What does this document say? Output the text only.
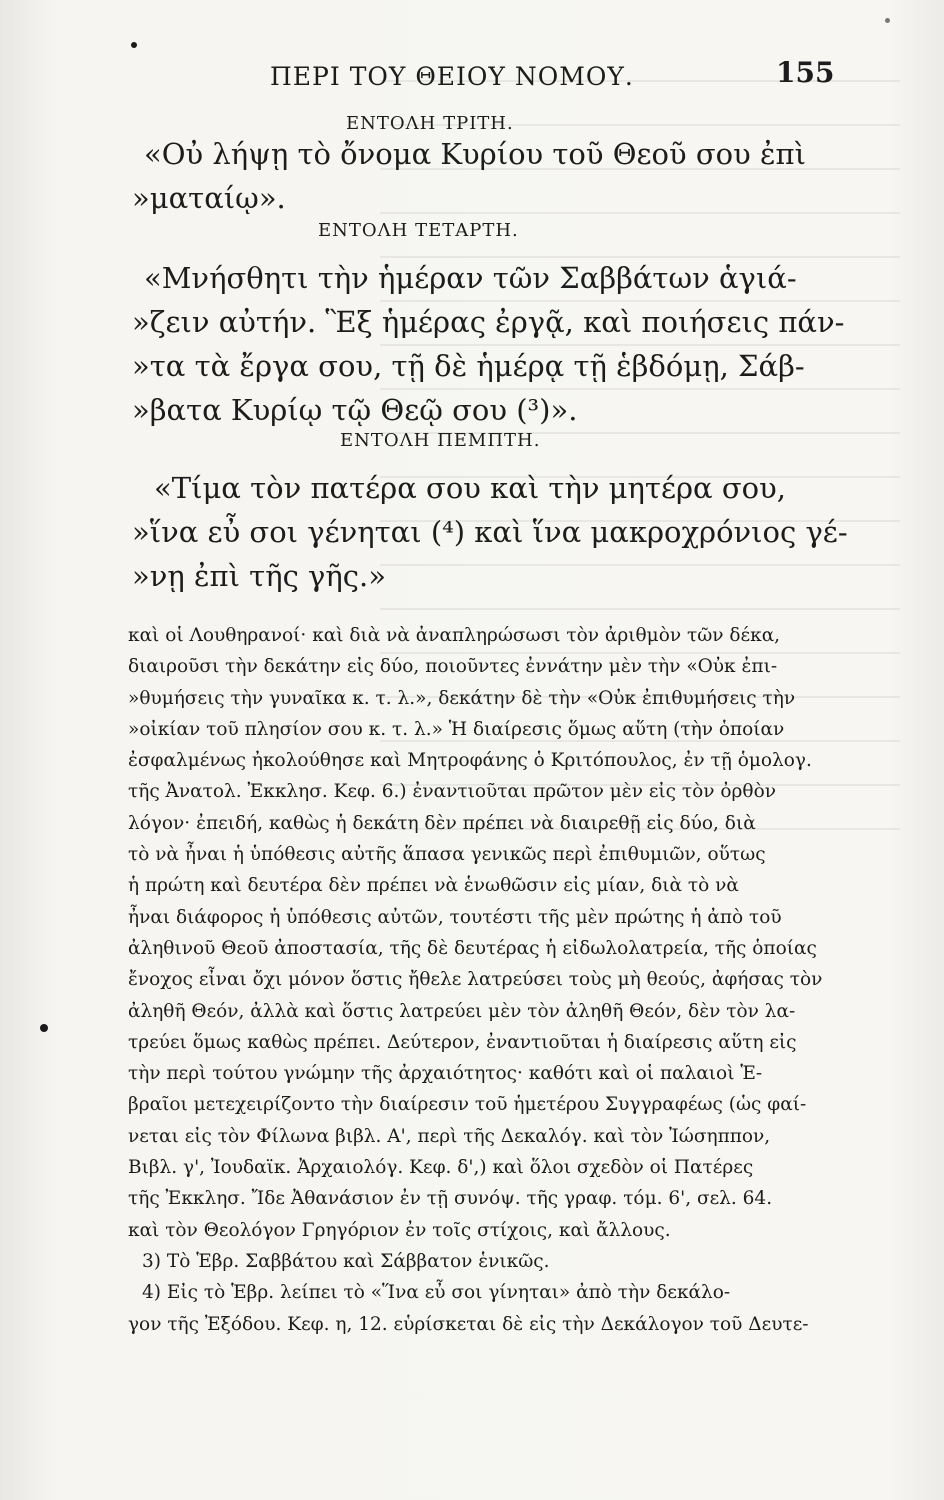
ΠΕΡΙ ΤΟΥ ΘΕΙΟΥ ΝΟΜΟΥ.	155
ΕΝΤΟΛΗ ΤΡΙΤΗ.
«Οὐ λήψῃ τὸ ὄνομα Κυρίου τοῦ Θεοῦ σου ἐπὶ
»ματαίῳ».
ΕΝΤΟΛΗ ΤΕΤΑΡΤΗ.
«Μνήσθητι τὴν ἡμέραν τῶν Σαββάτων ἁγιά-
»ζειν αὐτήν. Ἓξ ἡμέρας ἐργᾷ, καὶ ποιήσεις πάν-
»τα τὰ ἔργα σου, τῇ δὲ ἡμέρᾳ τῇ ἑβδόμῃ, Σάβ-
»βατα Κυρίῳ τῷ Θεῷ σου (³)».
ΕΝΤΟΛΗ ΠΕΜΠΤΗ.
«Τίμα τὸν πατέρα σου καὶ τὴν μητέρα σου,
»ἵνα εὖ σοι γένηται (⁴) καὶ ἵνα μακροχρόνιος γέ-
»νῃ ἐπὶ τῆς γῆς.»
καὶ οἱ Λουθηρανοί· καὶ διὰ νὰ ἀναπληρώσωσι τὸν ἀριθμὸν τῶν δέκα,
διαιροῦσι τὴν δεκάτην εἰς δύο, ποιοῦντες ἐννάτην μὲν τὴν «Οὐκ ἐπι-
»θυμήσεις τὴν γυναῖκα κ. τ. λ.», δεκάτην δὲ τὴν «Οὐκ ἐπιθυμήσεις τὴν
»οἰκίαν τοῦ πλησίον σου κ. τ. λ.» Ἡ διαίρεσις ὅμως αὕτη (τὴν ὁποίαν
ἐσφαλμένως ἠκολούθησε καὶ Μητροφάνης ὁ Κριτόπουλος, ἐν τῇ ὁμολογ.
τῆς Ἀνατολ. Ἐκκλησ. Κεφ. 6.) ἐναντιοῦται πρῶτον μὲν εἰς τὸν ὀρθὸν
λόγον· ἐπειδή, καθὼς ἡ δεκάτη δὲν πρέπει νὰ διαιρεθῇ εἰς δύο, διὰ
τὸ νὰ ἦναι ἡ ὑπόθεσις αὐτῆς ἅπασα γενικῶς περὶ ἐπιθυμιῶν, οὕτως
ἡ πρώτη καὶ δευτέρα δὲν πρέπει νὰ ἑνωθῶσιν εἰς μίαν, διὰ τὸ νὰ
ἦναι διάφορος ἡ ὑπόθεσις αὐτῶν, τουτέστι τῆς μὲν πρώτης ἡ ἀπὸ τοῦ
ἀληθινοῦ Θεοῦ ἀποστασία, τῆς δὲ δευτέρας ἡ εἰδωλολατρεία, τῆς ὁποίας
ἔνοχος εἶναι ὄχι μόνον ὅστις ἤθελε λατρεύσει τοὺς μὴ θεούς, ἀφήσας τὸν
ἀληθῆ Θεόν, ἀλλὰ καὶ ὅστις λατρεύει μὲν τὸν ἀληθῆ Θεόν, δὲν τὸν λα-
τρεύει ὅμως καθὼς πρέπει. Δεύτερον, ἐναντιοῦται ἡ διαίρεσις αὕτη εἰς
τὴν περὶ τούτου γνώμην τῆς ἀρχαιότητος· καθότι καὶ οἱ παλαιοὶ Ἑ-
βραῖοι μετεχειρίζοντο τὴν διαίρεσιν τοῦ ἡμετέρου Συγγραφέως (ὡς φαί-
νεται εἰς τὸν Φίλωνα βιβλ. Α', περὶ τῆς Δεκαλόγ. καὶ τὸν Ἰώσηππον,
Βιβλ. γ', Ἰουδαϊκ. Ἀρχαιολόγ. Κεφ. δ',) καὶ ὅλοι σχεδὸν οἱ Πατέρες
τῆς Ἐκκλησ. Ἴδε Ἀθανάσιον ἐν τῇ συνόψ. τῆς γραφ. τόμ. 6', σελ. 64.
καὶ τὸν Θεολόγον Γρηγόριον ἐν τοῖς στίχοις, καὶ ἄλλους.
3) Τὸ Ἑβρ. Σαββάτου καὶ Σάββατον ἑνικῶς.
4) Εἰς τὸ Ἑβρ. λείπει τὸ «Ἵνα εὖ σοι γίνηται» ἀπὸ τὴν δεκάλο-
γον τῆς Ἐξόδου. Κεφ. η, 12. εὑρίσκεται δὲ εἰς τὴν Δεκάλογον τοῦ Δευτε-
